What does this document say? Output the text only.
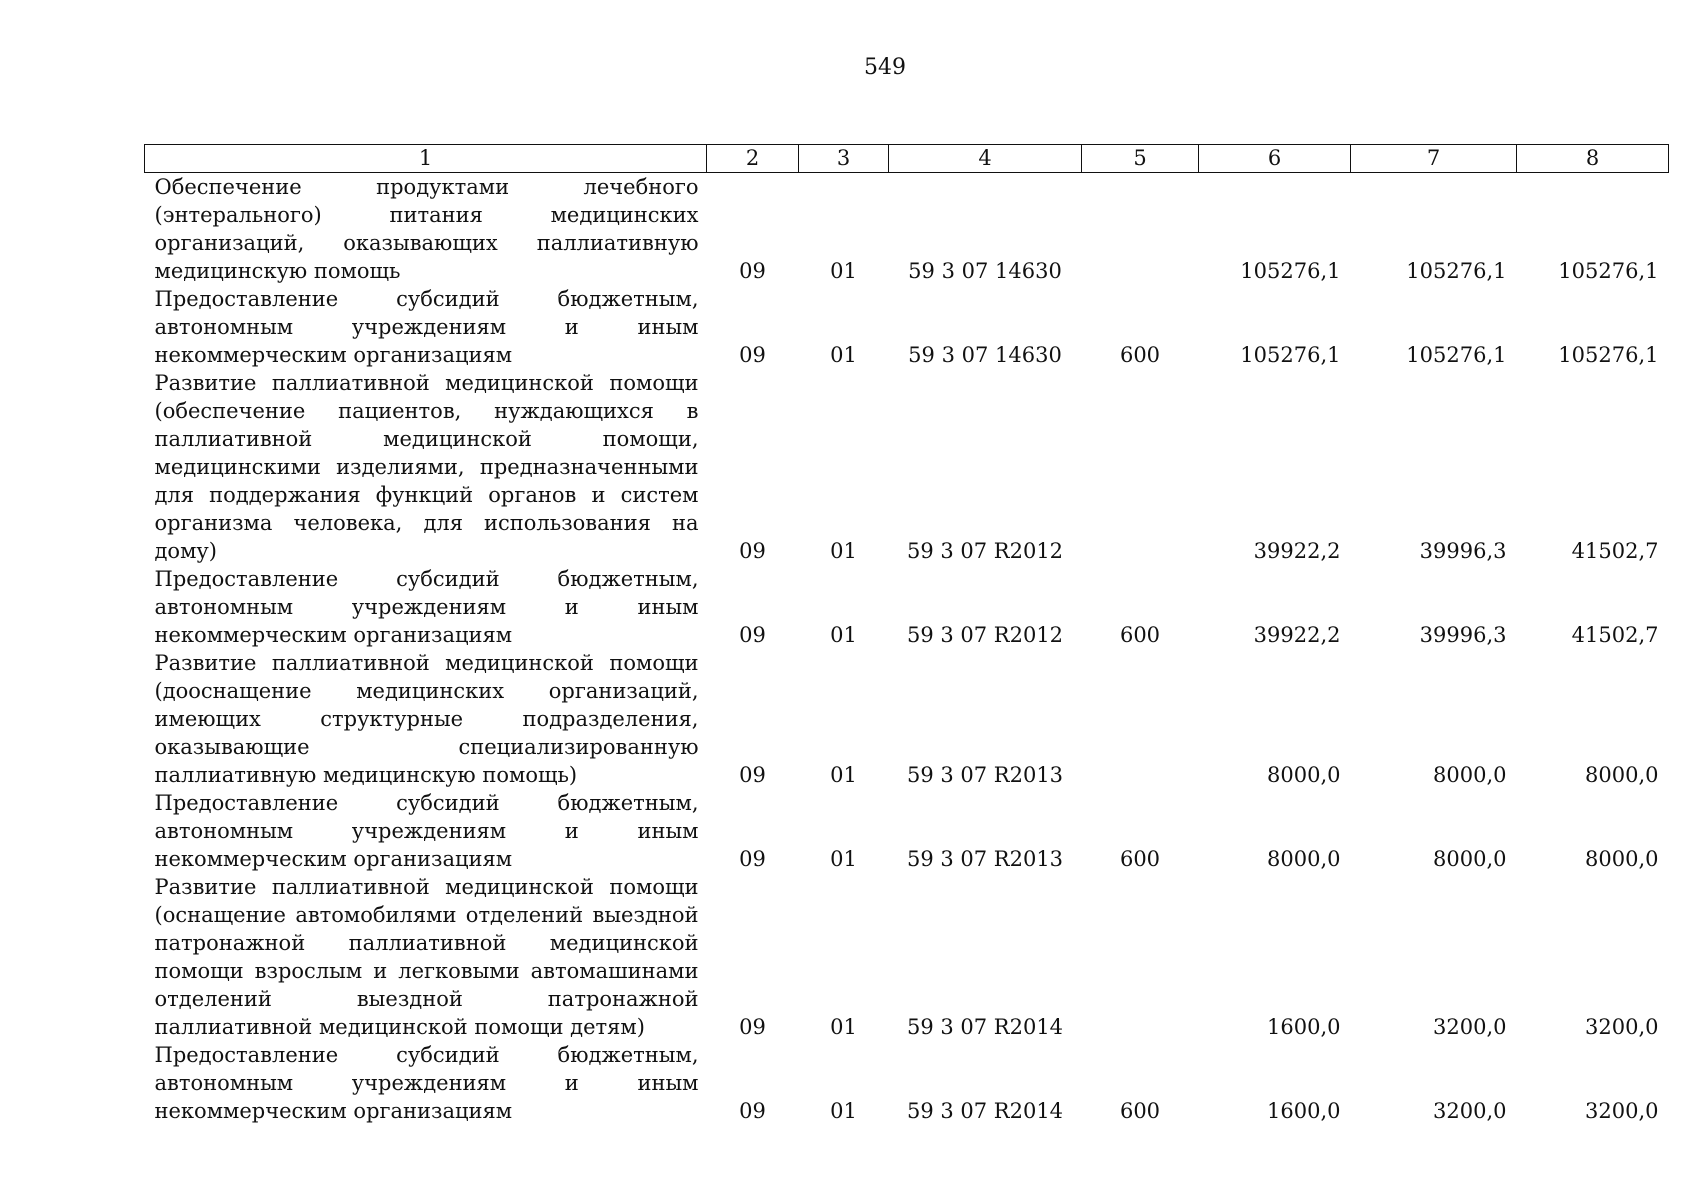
549
1	2	3	4	5	6	7	8
Обеспечение продуктами лечебного (энтерального) питания медицинских организаций, оказывающих паллиативную медицинскую помощь	09	01	59 3 07 14630		105276,1	105276,1	105276,1
Предоставление субсидий бюджетным, автономным учреждениям и иным некоммерческим организациям	09	01	59 3 07 14630	600	105276,1	105276,1	105276,1
Развитие паллиативной медицинской помощи (обеспечение пациентов, нуждающихся в паллиативной медицинской помощи, медицинскими изделиями, предназначенными для поддержания функций органов и систем организма человека, для использования на дому)	09	01	59 3 07 R2012		39922,2	39996,3	41502,7
Предоставление субсидий бюджетным, автономным учреждениям и иным некоммерческим организациям	09	01	59 3 07 R2012	600	39922,2	39996,3	41502,7
Развитие паллиативной медицинской помощи (дооснащение медицинских организаций, имеющих структурные подразделения, оказывающие специализированную паллиативную медицинскую помощь)	09	01	59 3 07 R2013		8000,0	8000,0	8000,0
Предоставление субсидий бюджетным, автономным учреждениям и иным некоммерческим организациям	09	01	59 3 07 R2013	600	8000,0	8000,0	8000,0
Развитие паллиативной медицинской помощи (оснащение автомобилями отделений выездной патронажной паллиативной медицинской помощи взрослым и легковыми автомашинами отделений выездной патронажной паллиативной медицинской помощи детям)	09	01	59 3 07 R2014		1600,0	3200,0	3200,0
Предоставление субсидий бюджетным, автономным учреждениям и иным некоммерческим организациям	09	01	59 3 07 R2014	600	1600,0	3200,0	3200,0
